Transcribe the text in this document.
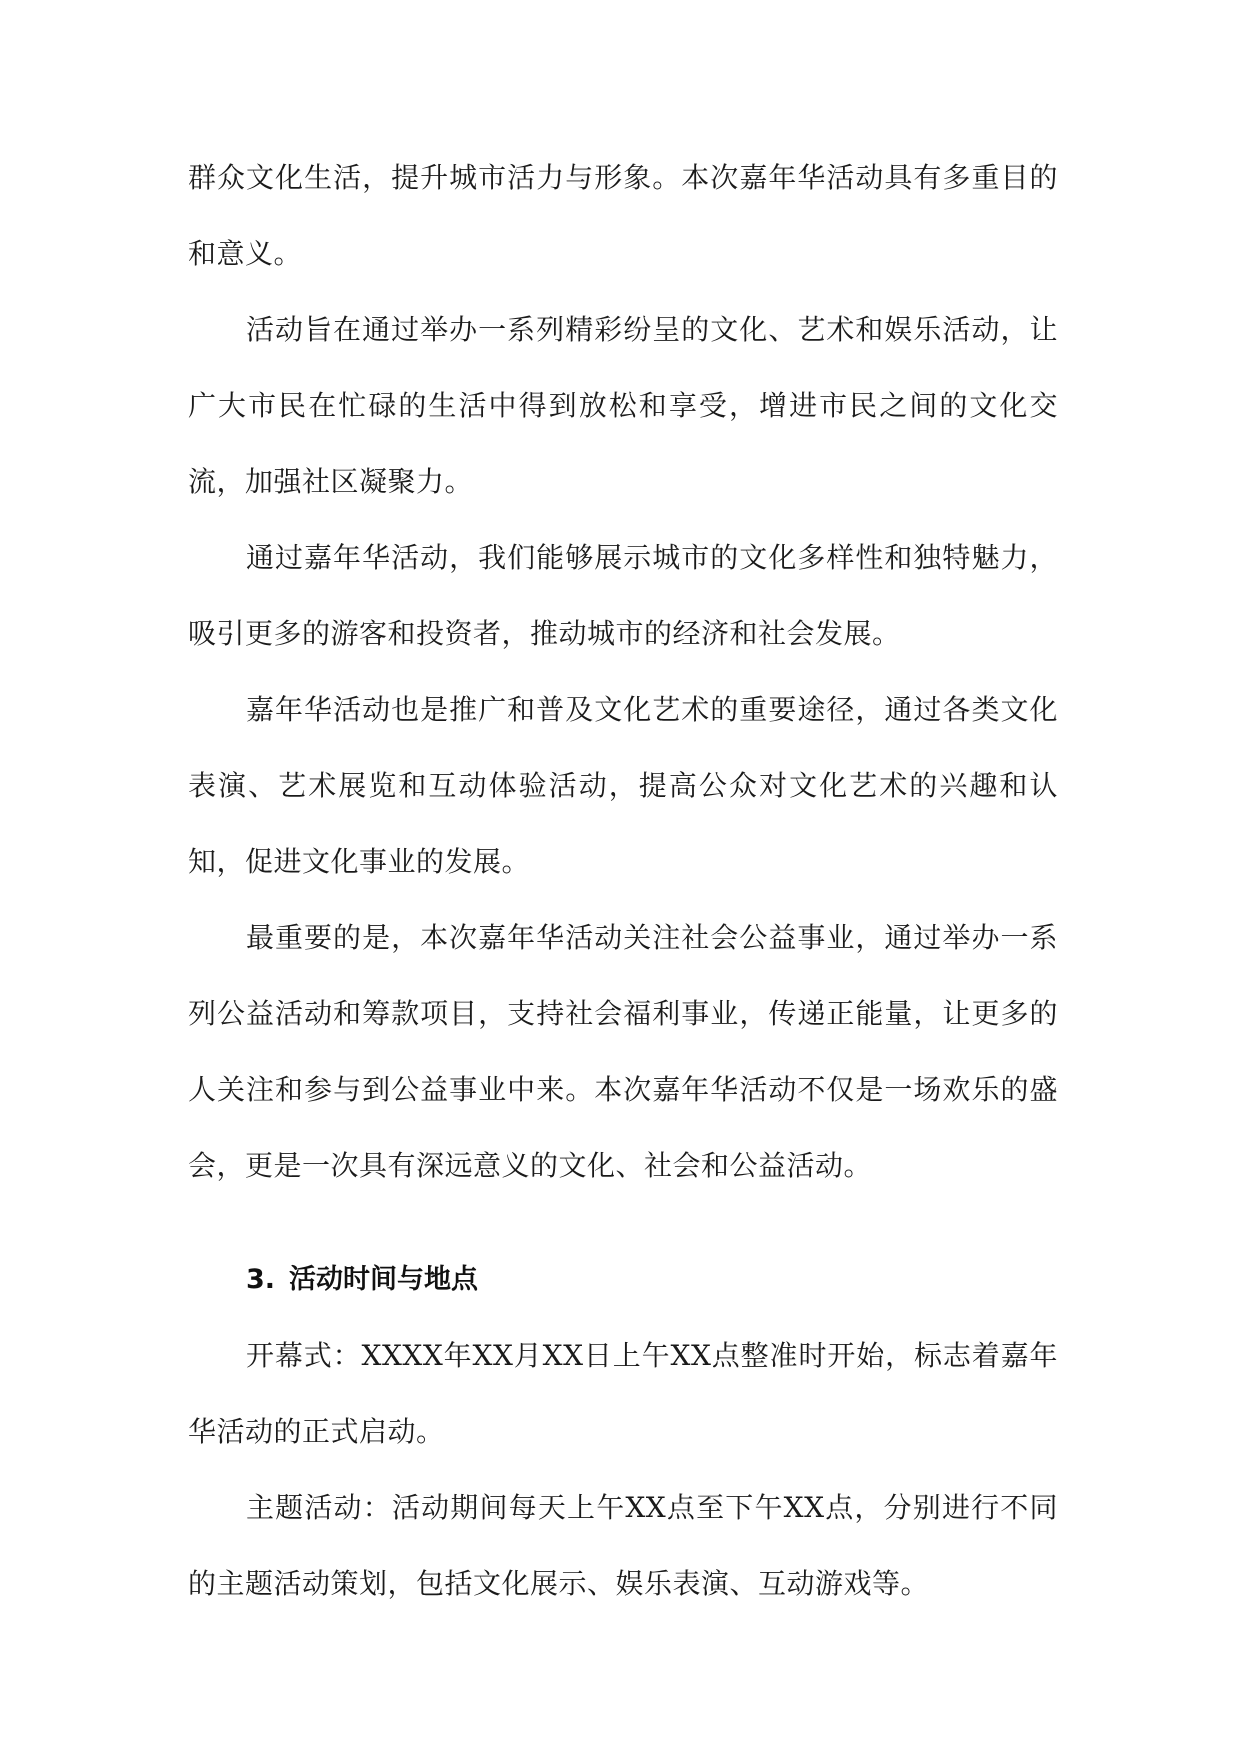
群众文化生活，提升城市活力与形象。本次嘉年华活动具有多重目的和意义。

活动旨在通过举办一系列精彩纷呈的文化、艺术和娱乐活动，让广大市民在忙碌的生活中得到放松和享受，增进市民之间的文化交流，加强社区凝聚力。

通过嘉年华活动，我们能够展示城市的文化多样性和独特魅力，吸引更多的游客和投资者，推动城市的经济和社会发展。

嘉年华活动也是推广和普及文化艺术的重要途径，通过各类文化表演、艺术展览和互动体验活动，提高公众对文化艺术的兴趣和认知，促进文化事业的发展。

最重要的是，本次嘉年华活动关注社会公益事业，通过举办一系列公益活动和筹款项目，支持社会福利事业，传递正能量，让更多的人关注和参与到公益事业中来。本次嘉年华活动不仅是一场欢乐的盛会，更是一次具有深远意义的文化、社会和公益活动。

3. 活动时间与地点

开幕式：XXXX年XX月XX日上午XX点整准时开始，标志着嘉年华活动的正式启动。

主题活动：活动期间每天上午XX点至下午XX点，分别进行不同的主题活动策划，包括文化展示、娱乐表演、互动游戏等。
